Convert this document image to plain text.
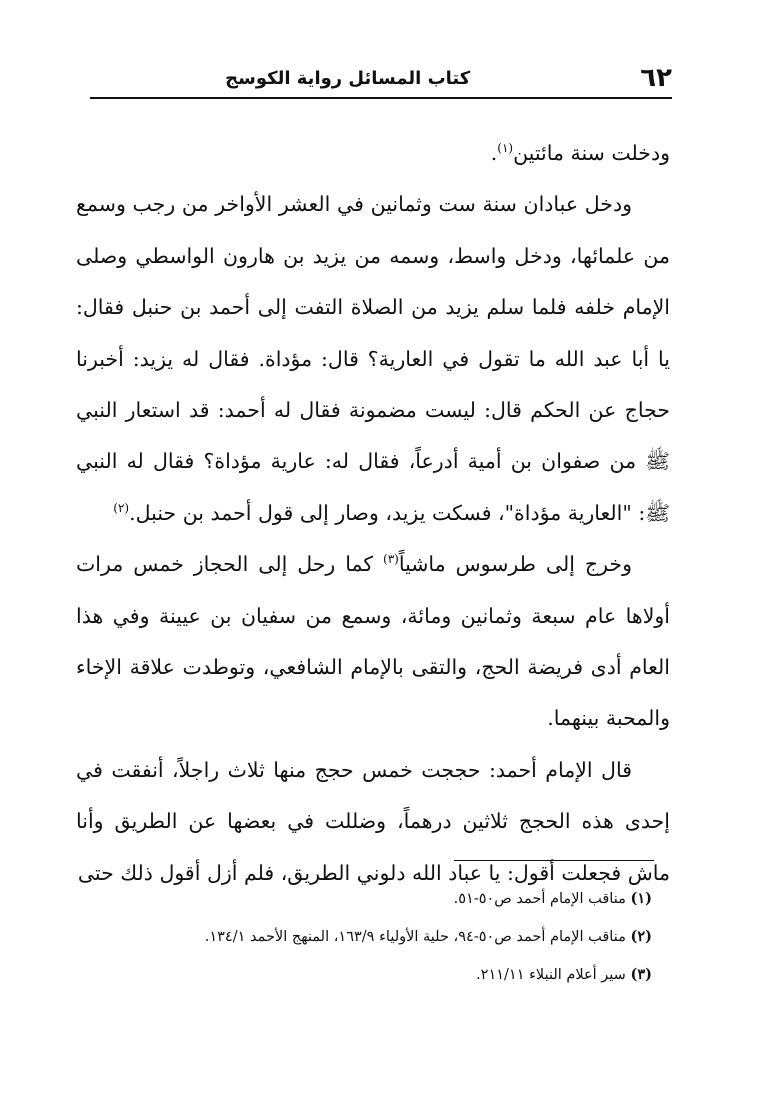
٦٢
كتاب المسائل رواية الكوسج

ودخلت سنة مائتين$^{(١)}$.

ودخل عبادان سنة ست وثمانين في العشر الأواخر من رجب وسمع من علمائها، ودخل واسط، وسمه من يزيد بن هارون الواسطي وصلى الإمام خلفه فلما سلم يزيد من الصلاة التفت إلى أحمد بن حنبل فقال: يا أبا عبد الله ما تقول في العارية؟ قال: مؤداة. فقال له يزيد: أخبرنا حجاج عن الحكم قال: ليست مضمونة فقال له أحمد: قد استعار النبي ﷺ من صفوان بن أمية أدرعاً، فقال له: عارية مؤداة؟ فقال له النبي ﷺ: "العارية مؤداة"، فسكت يزيد، وصار إلى قول أحمد بن حنبل.$^{(٢)}$

وخرج إلى طرسوس ماشياً$^{(٣)}$ كما رحل إلى الحجاز خمس مرات أولاها عام سبعة وثمانين ومائة، وسمع من سفيان بن عيينة وفي هذا العام أدى فريضة الحج، والتقى بالإمام الشافعي، وتوطدت علاقة الإخاء والمحبة بينهما.

قال الإمام أحمد: حججت خمس حجج منها ثلاث راجلاً، أنفقت في إحدى هذه الحجج ثلاثين درهماً، وضللت في بعضها عن الطريق وأنا ماش فجعلت أقول: يا عباد الله دلوني الطريق، فلم أزل أقول ذلك حتى

(١) مناقب الإمام أحمد ص٥٠-٥١.
(٢) مناقب الإمام أحمد ص٥٠-٩٤، حلية الأولياء ١٦٣/٩، المنهج الأحمد ١٣٤/١.
(٣) سير أعلام النبلاء ٢١١/١١.
